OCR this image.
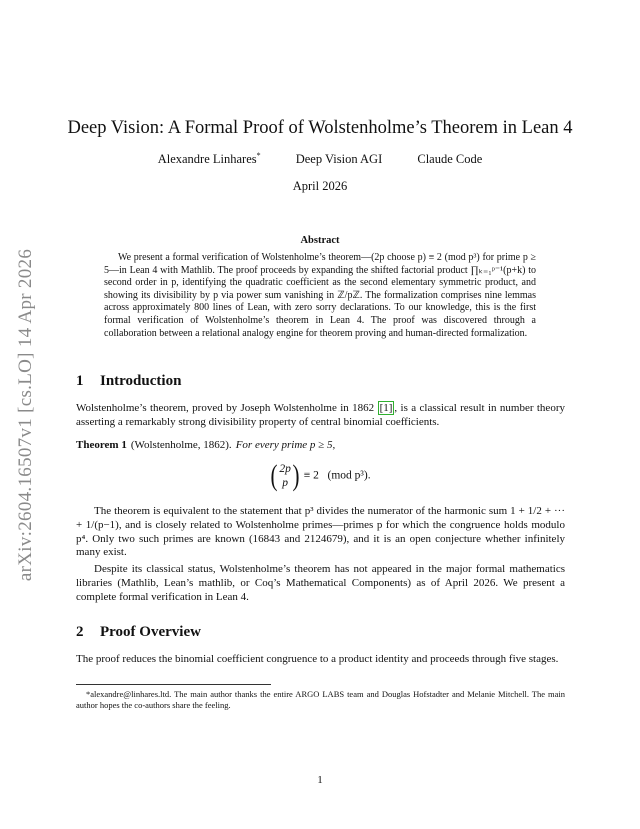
arXiv:2604.16507v1 [cs.LO] 14 Apr 2026
Deep Vision: A Formal Proof of Wolstenholme’s Theorem in Lean 4
Alexandre Linhares*	Deep Vision AGI	Claude Code
April 2026
Abstract

We present a formal verification of Wolstenholme’s theorem—(2p choose p) ≡ 2 (mod p³) for prime p ≥ 5—in Lean 4 with Mathlib. The proof proceeds by expanding the shifted factorial product ∏ₖ₌₁ᵖ⁻¹(p+k) to second order in p, identifying the quadratic coefficient as the second elementary symmetric product, and showing its divisibility by p via power sum vanishing in ℤ/pℤ. The formalization comprises nine lemmas across approximately 800 lines of Lean, with zero sorry declarations. To our knowledge, this is the first formal verification of Wolstenholme’s theorem in Lean 4. The proof was discovered through a collaboration between a relational analogy engine for theorem proving and human-directed formalization.

1 Introduction

Wolstenholme’s theorem, proved by Joseph Wolstenholme in 1862 [1] , is a classical result in number theory asserting a remarkably strong divisibility property of central binomial coefficients.

Theorem 1 (Wolstenholme, 1862). For every prime p ≥ 5,
( 2p
p ) ≡ 2   (mod p³).

The theorem is equivalent to the statement that p³ divides the numerator of the harmonic sum 1 + 1/2 + ··· + 1/(p−1), and is closely related to Wolstenholme primes—primes p for which the congruence holds modulo p⁴. Only two such primes are known (16843 and 2124679), and it is an open conjecture whether infinitely many exist.

Despite its classical status, Wolstenholme’s theorem has not appeared in the major formal mathematics libraries (Mathlib, Lean’s mathlib, or Coq’s Mathematical Components) as of April 2026. We present a complete formal verification in Lean 4.

2 Proof Overview

The proof reduces the binomial coefficient congruence to a product identity and proceeds through five stages.

*alexandre@linhares.ltd. The main author thanks the entire ARGO LABS team and Douglas Hofstadter and Melanie Mitchell. The main author hopes the co-authors share the feeling.

1
